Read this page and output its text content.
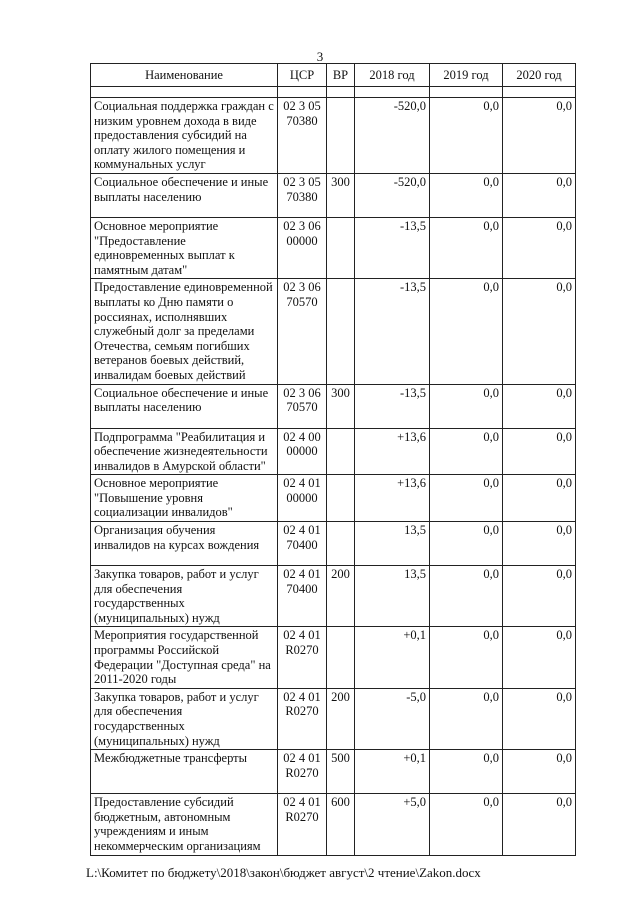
3
Наименование	ЦСР	ВР	2018 год	2019 год	2020 год

Социальная поддержка граждан с низким уровнем дохода в виде предоставления субсидий на оплату жилого помещения и коммунальных услуг	02 3 05 70380		-520,0	0,0	0,0
Социальное обеспечение и иные выплаты населению	02 3 05 70380	300	-520,0	0,0	0,0
Основное мероприятие "Предоставление единовременных выплат к памятным датам"	02 3 06 00000		-13,5	0,0	0,0
Предоставление единовременной выплаты ко Дню памяти о россиянах, исполнявших служебный долг за пределами Отечества, семьям погибших ветеранов боевых действий, инвалидам боевых действий	02 3 06 70570		-13,5	0,0	0,0
Социальное обеспечение и иные выплаты населению	02 3 06 70570	300	-13,5	0,0	0,0
Подпрограмма "Реабилитация и обеспечение жизнедеятельности инвалидов в Амурской области"	02 4 00 00000		+13,6	0,0	0,0
Основное мероприятие "Повышение уровня социализации инвалидов"	02 4 01 00000		+13,6	0,0	0,0
Организация обучения инвалидов на курсах вождения	02 4 01 70400		13,5	0,0	0,0
Закупка товаров, работ и услуг для обеспечения государственных (муниципальных) нужд	02 4 01 70400	200	13,5	0,0	0,0
Мероприятия государственной программы Российской Федерации "Доступная среда" на 2011-2020 годы	02 4 01 R0270		+0,1	0,0	0,0
Закупка товаров, работ и услуг для обеспечения государственных (муниципальных) нужд	02 4 01 R0270	200	-5,0	0,0	0,0
Межбюджетные трансферты	02 4 01 R0270	500	+0,1	0,0	0,0
Предоставление субсидий бюджетным, автономным учреждениям и иным некоммерческим организациям	02 4 01 R0270	600	+5,0	0,0	0,0
L:\Комитет по бюджету\2018\закон\бюджет август\2 чтение\Zakon.docx
